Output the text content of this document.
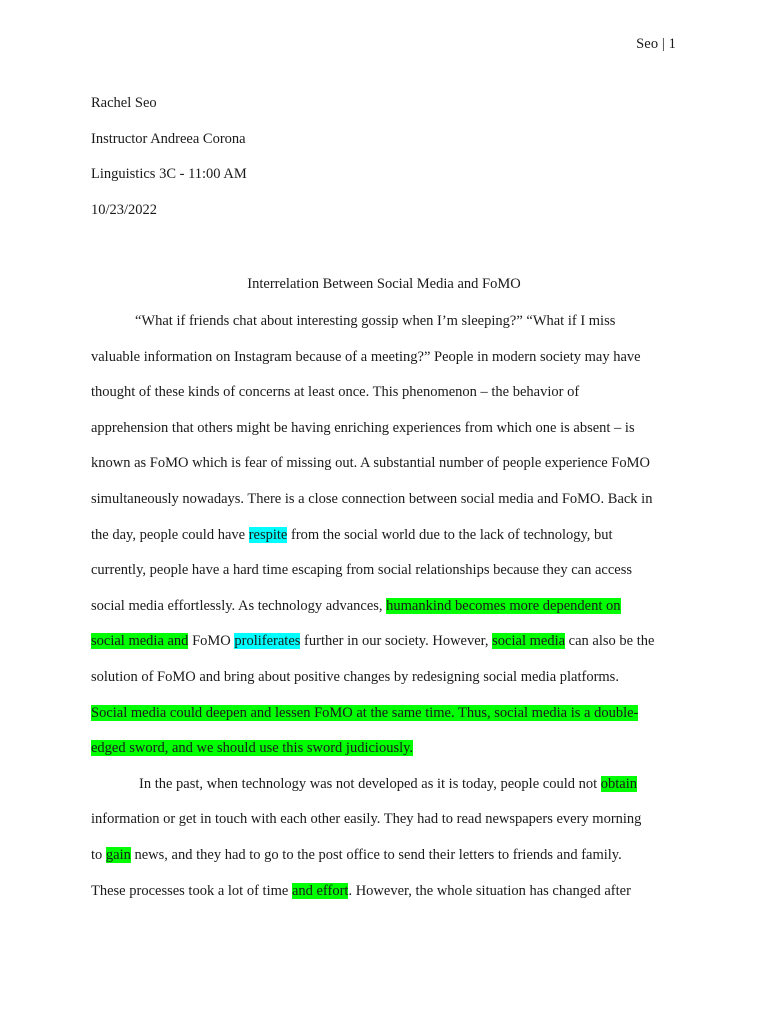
Seo | 1
Rachel Seo
Instructor Andreea Corona
Linguistics 3C - 11:00 AM
10/23/2022
Interrelation Between Social Media and FoMO
“What if friends chat about interesting gossip when I’m sleeping?” “What if I miss
valuable information on Instagram because of a meeting?” People in modern society may have
thought of these kinds of concerns at least once. This phenomenon – the behavior of
apprehension that others might be having enriching experiences from which one is absent – is
known as FoMO which is fear of missing out. A substantial number of people experience FoMO
simultaneously nowadays. There is a close connection between social media and FoMO. Back in
the day, people could have respite from the social world due to the lack of technology, but
currently, people have a hard time escaping from social relationships because they can access
social media effortlessly. As technology advances, humankind becomes more dependent on
social media and FoMO proliferates further in our society. However, social media can also be the
solution of FoMO and bring about positive changes by redesigning social media platforms.
Social media could deepen and lessen FoMO at the same time. Thus, social media is a double-
edged sword, and we should use this sword judiciously.
In the past, when technology was not developed as it is today, people could not obtain
information or get in touch with each other easily. They had to read newspapers every morning
to gain news, and they had to go to the post office to send their letters to friends and family.
These processes took a lot of time and effort. However, the whole situation has changed after
